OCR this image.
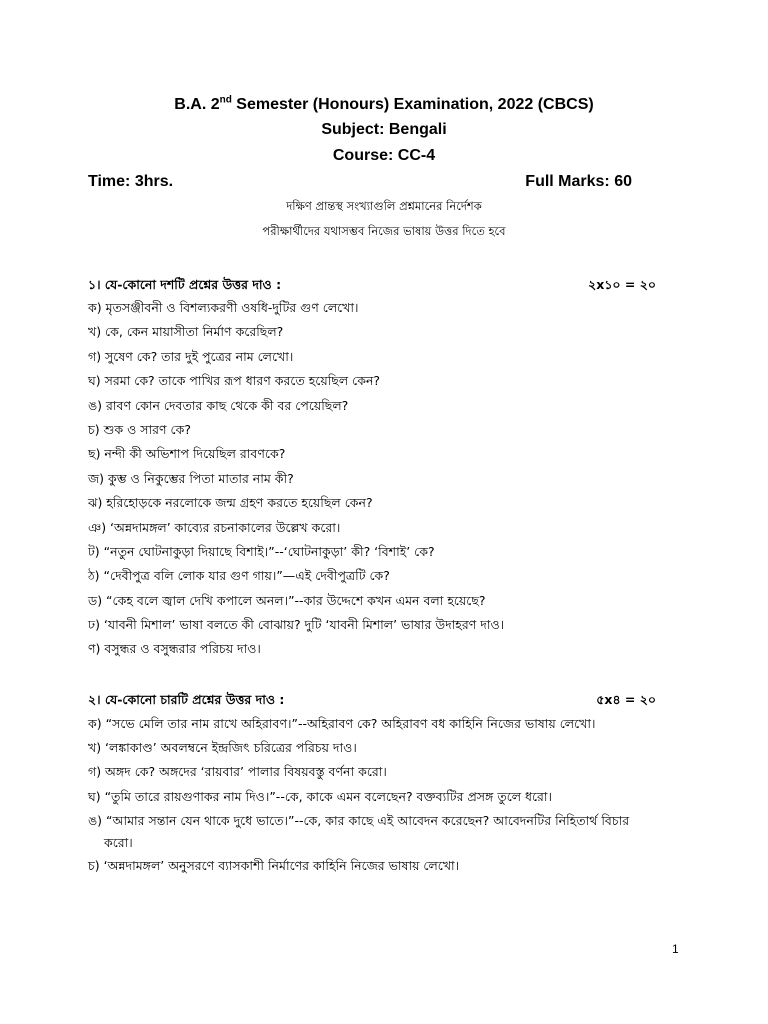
B.A. 2nd Semester (Honours) Examination, 2022 (CBCS)
Subject: Bengali
Course: CC-4
Time: 3hrs.	Full Marks: 60
দক্ষিণ প্রান্তস্থ সংখ্যাগুলি প্রশ্নমানের নির্দেশক
পরীক্ষার্থীদের যথাসম্ভব নিজের ভাষায় উত্তর দিতে হবে
১। যে-কোনো দশটি প্রশ্নের উত্তর দাও :	২x১০ = ২০
ক) মৃতসঞ্জীবনী ও বিশল্যকরণী ওষধি-দুটির গুণ লেখো।
খ) কে, কেন মায়াসীতা নির্মাণ করেছিল?
গ) সুষেণ কে? তার দুই পুত্রের নাম লেখো।
ঘ) সরমা কে? তাকে পাখির রূপ ধারণ করতে হয়েছিল কেন?
ঙ) রাবণ কোন দেবতার কাছ থেকে কী বর পেয়েছিল?
চ) শুক ও সারণ কে?
ছ) নন্দী কী অভিশাপ দিয়েছিল রাবণকে?
জ) কুম্ভ ও নিকুম্ভের পিতা মাতার নাম কী?
ঝ) হরিহোড়কে নরলোকে জন্ম গ্রহণ করতে হয়েছিল কেন?
ঞ) ‘অন্নদামঙ্গল’ কাব্যের রচনাকালের উল্লেখ করো।
ট) “নতুন ঘোটনাকুড়া দিয়াছে বিশাই।”--‘ঘোটনাকুড়া’ কী? ‘বিশাই’ কে?
ঠ) “দেবীপুত্র বলি লোক যার গুণ গায়।”—এই দেবীপুত্রটি কে?
ড) “কেহ বলে জ্বাল দেখি কপালে অনল।”--কার উদ্দেশে কখন এমন বলা হয়েছে?
ঢ) ‘যাবনী মিশাল’ ভাষা বলতে কী বোঝায়? দুটি ‘যাবনী মিশাল’ ভাষার উদাহরণ দাও।
ণ) বসুন্ধর ও বসুন্ধরার পরিচয় দাও।
২। যে-কোনো চারটি প্রশ্নের উত্তর দাও :	৫x৪ = ২০
ক) “সভে মেলি তার নাম রাখে অহিরাবণ।”--অহিরাবণ কে? অহিরাবণ বধ কাহিনি নিজের ভাষায় লেখো।
খ) ‘লঙ্কাকাণ্ড’ অবলম্বনে ইন্দ্রজিৎ চরিত্রের পরিচয় দাও।
গ) অঙ্গদ কে? অঙ্গদের ‘রায়বার’ পালার বিষয়বস্তু বর্ণনা করো।
ঘ) “তুমি তারে রায়গুণাকর নাম দিও।”--কে, কাকে এমন বলেছেন? বক্তব্যটির প্রসঙ্গ তুলে ধরো।
ঙ) “আমার সন্তান যেন থাকে দুধে ভাতে।”--কে, কার কাছে এই আবেদন করেছেন? আবেদনটির নিহিতার্থ বিচার
করো।
চ) ‘অন্নদামঙ্গল’ অনুসরণে ব্যাসকাশী নির্মাণের কাহিনি নিজের ভাষায় লেখো।
1
